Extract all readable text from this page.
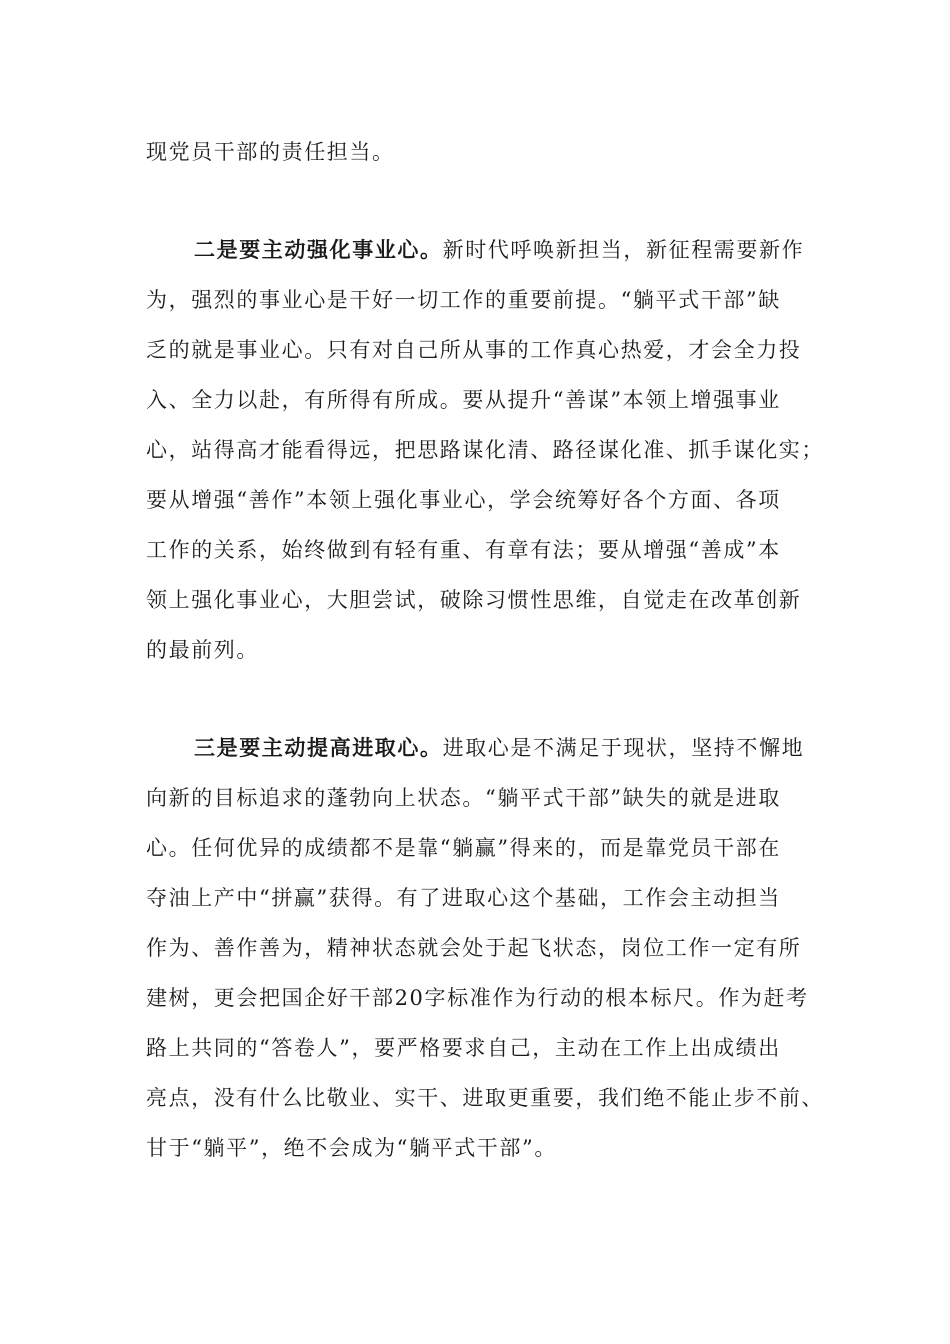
现党员干部的责任担当。
二是要主动强化事业心。新时代呼唤新担当，新征程需要新作
为，强烈的事业心是干好一切工作的重要前提。“躺平式干部”缺
乏的就是事业心。只有对自己所从事的工作真心热爱，才会全力投
入、全力以赴，有所得有所成。要从提升“善谋”本领上增强事业
心，站得高才能看得远，把思路谋化清、路径谋化准、抓手谋化实；
要从增强“善作”本领上强化事业心，学会统筹好各个方面、各项
工作的关系，始终做到有轻有重、有章有法；要从增强“善成”本
领上强化事业心，大胆尝试，破除习惯性思维，自觉走在改革创新
的最前列。
三是要主动提高进取心。进取心是不满足于现状，坚持不懈地
向新的目标追求的蓬勃向上状态。“躺平式干部”缺失的就是进取
心。任何优异的成绩都不是靠“躺赢”得来的，而是靠党员干部在
夺油上产中“拼赢”获得。有了进取心这个基础，工作会主动担当
作为、善作善为，精神状态就会处于起飞状态，岗位工作一定有所
建树，更会把国企好干部20字标准作为行动的根本标尺。作为赶考
路上共同的“答卷人”，要严格要求自己，主动在工作上出成绩出
亮点，没有什么比敬业、实干、进取更重要，我们绝不能止步不前、
甘于“躺平”，绝不会成为“躺平式干部”。
